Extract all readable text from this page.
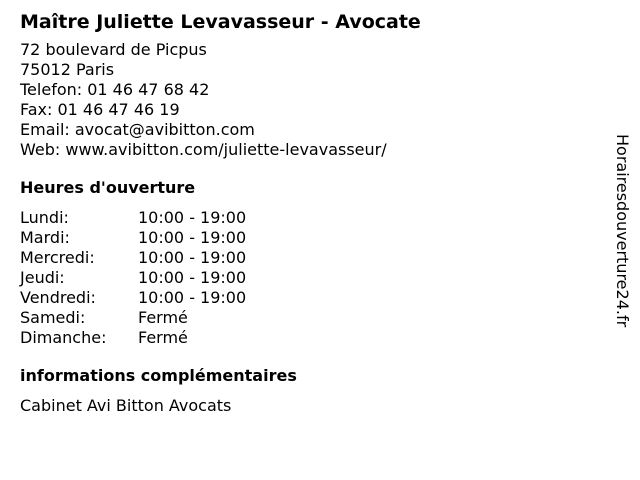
Maître Juliette Levavasseur - Avocate
72 boulevard de Picpus
75012 Paris
Telefon: 01 46 47 68 42
Fax: 01 46 47 46 19
Email: avocat@avibitton.com
Web: www.avibitton.com/juliette-levavasseur/
Heures d'ouverture
Lundi:	10:00 - 19:00
Mardi:	10:00 - 19:00
Mercredi:	10:00 - 19:00
Jeudi:	10:00 - 19:00
Vendredi:	10:00 - 19:00
Samedi:	Fermé
Dimanche:	Fermé
informations complémentaires
Cabinet Avi Bitton Avocats
Horairesdouverture24.fr
